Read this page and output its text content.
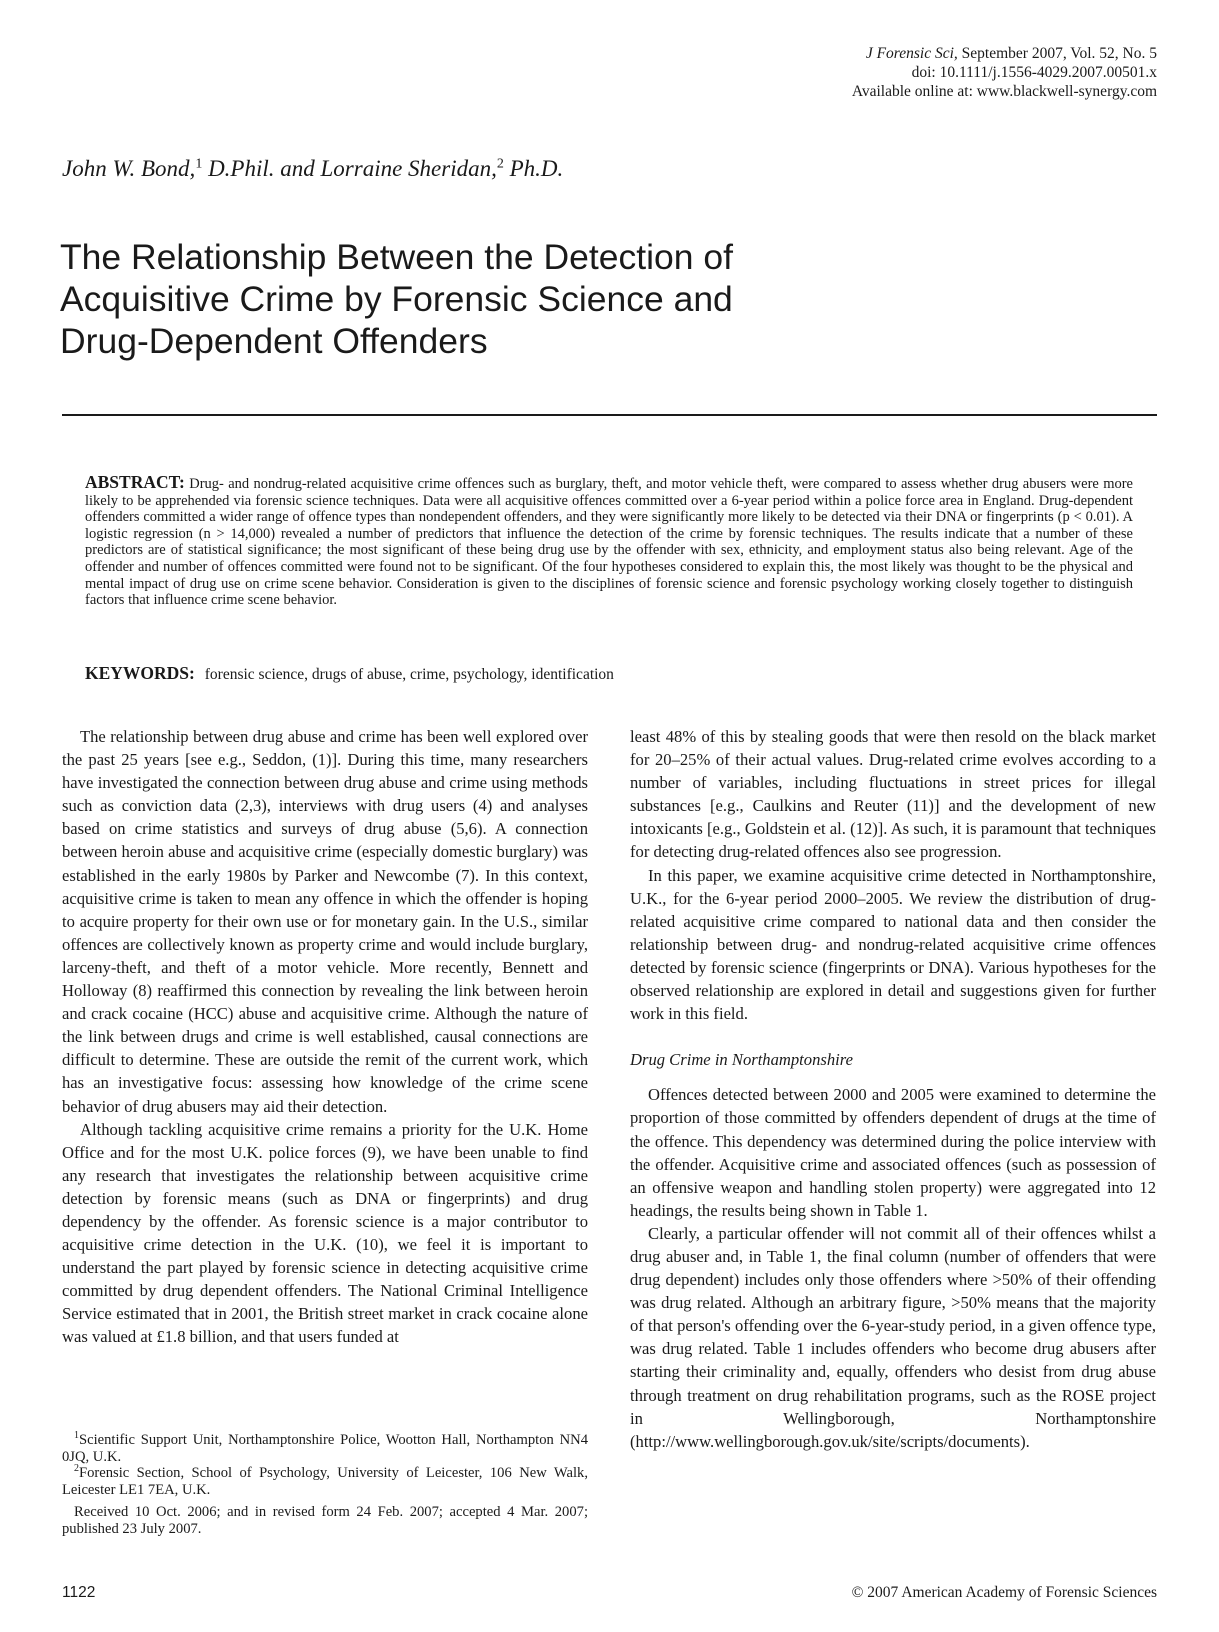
J Forensic Sci, September 2007, Vol. 52, No. 5
doi: 10.1111/j.1556-4029.2007.00501.x
Available online at: www.blackwell-synergy.com
John W. Bond,$^1$ D.Phil. and Lorraine Sheridan,$^2$ Ph.D.
The Relationship Between the Detection of
Acquisitive Crime by Forensic Science and
Drug-Dependent Offenders
ABSTRACT: Drug- and nondrug-related acquisitive crime offences such as burglary, theft, and motor vehicle theft, were compared to assess whether drug abusers were more likely to be apprehended via forensic science techniques. Data were all acquisitive offences committed over a 6-year period within a police force area in England. Drug-dependent offenders committed a wider range of offence types than nondependent offenders, and they were significantly more likely to be detected via their DNA or fingerprints (p < 0.01). A logistic regression (n > 14,000) revealed a number of predictors that influence the detection of the crime by forensic techniques. The results indicate that a number of these predictors are of statistical significance; the most significant of these being drug use by the offender with sex, ethnicity, and employment status also being relevant. Age of the offender and number of offences committed were found not to be significant. Of the four hypotheses considered to explain this, the most likely was thought to be the physical and mental impact of drug use on crime scene behavior. Consideration is given to the disciplines of forensic science and forensic psychology working closely together to distinguish factors that influence crime scene behavior.
KEYWORDS: forensic science, drugs of abuse, crime, psychology, identification

The relationship between drug abuse and crime has been well explored over the past 25 years [see e.g., Seddon, (1)]. During this time, many researchers have investigated the connection between drug abuse and crime using methods such as conviction data (2,3), interviews with drug users (4) and analyses based on crime statistics and surveys of drug abuse (5,6). A connection between heroin abuse and acquisitive crime (especially domestic burglary) was established in the early 1980s by Parker and Newcombe (7). In this context, acquisitive crime is taken to mean any offence in which the offender is hoping to acquire property for their own use or for monetary gain. In the U.S., similar offences are collectively known as property crime and would include burglary, larceny-theft, and theft of a motor vehicle. More recently, Bennett and Holloway (8) reaffirmed this connection by revealing the link between heroin and crack cocaine (HCC) abuse and acquisitive crime. Although the nature of the link between drugs and crime is well established, causal connections are difficult to determine. These are outside the remit of the current work, which has an investigative focus: assessing how knowledge of the crime scene behavior of drug abusers may aid their detection.

Although tackling acquisitive crime remains a priority for the U.K. Home Office and for the most U.K. police forces (9), we have been unable to find any research that investigates the relationship between acquisitive crime detection by forensic means (such as DNA or fingerprints) and drug dependency by the offender. As forensic science is a major contributor to acquisitive crime detection in the U.K. (10), we feel it is important to understand the part played by forensic science in detecting acquisitive crime committed by drug dependent offenders. The National Criminal Intelligence Service estimated that in 2001, the British street market in crack cocaine alone was valued at £1.8 billion, and that users funded at

least 48% of this by stealing goods that were then resold on the black market for 20–25% of their actual values. Drug-related crime evolves according to a number of variables, including fluctuations in street prices for illegal substances [e.g., Caulkins and Reuter (11)] and the development of new intoxicants [e.g., Goldstein et al. (12)]. As such, it is paramount that techniques for detecting drug-related offences also see progression.

In this paper, we examine acquisitive crime detected in Northamptonshire, U.K., for the 6-year period 2000–2005. We review the distribution of drug-related acquisitive crime compared to national data and then consider the relationship between drug- and nondrug-related acquisitive crime offences detected by forensic science (fingerprints or DNA). Various hypotheses for the observed relationship are explored in detail and suggestions given for further work in this field.

Drug Crime in Northamptonshire

Offences detected between 2000 and 2005 were examined to determine the proportion of those committed by offenders dependent of drugs at the time of the offence. This dependency was determined during the police interview with the offender. Acquisitive crime and associated offences (such as possession of an offensive weapon and handling stolen property) were aggregated into 12 headings, the results being shown in Table 1.

Clearly, a particular offender will not commit all of their offences whilst a drug abuser and, in Table 1, the final column (number of offenders that were drug dependent) includes only those offenders where >50% of their offending was drug related. Although an arbitrary figure, >50% means that the majority of that person's offending over the 6-year-study period, in a given offence type, was drug related. Table 1 includes offenders who become drug abusers after starting their criminality and, equally, offenders who desist from drug abuse through treatment on drug rehabilitation programs, such as the ROSE project in Wellingborough, Northamptonshire (http://www.wellingborough.gov.uk/site/scripts/documents).

$^1$Scientific Support Unit, Northamptonshire Police, Wootton Hall, Northampton NN4 0JQ, U.K.

$^2$Forensic Section, School of Psychology, University of Leicester, 106 New Walk, Leicester LE1 7EA, U.K.

Received 10 Oct. 2006; and in revised form 24 Feb. 2007; accepted 4 Mar. 2007; published 23 July 2007.

1122	© 2007 American Academy of Forensic Sciences
